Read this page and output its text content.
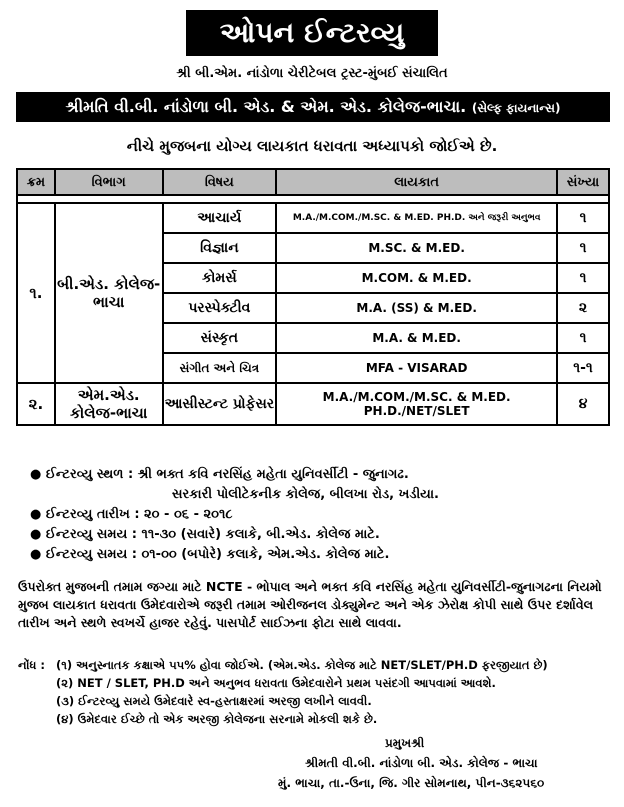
ઓપન ઈન્ટરવ્યુ
શ્રી બી.એમ. નાંડોળા ચેરીટેબલ ટ્રસ્ટ-મુંબઈ સંચાલિત
શ્રીમતિ વી.બી. નાંડોળા બી. એડ. & એમ. એડ. કોલેજ-ભાચા. (સેલ્ફ ફાયનાન્સ)
નીચે મુજબના યોગ્ય લાયકાત ધરાવતા અધ્યાપકો જોઈએ છે.
ક્રમ	વિભાગ	વિષય	લાયકાત	સંખ્યા

૧.	બી.એડ. કોલેજ-ભાચા	આચાર્ય	M.A./M.COM./M.SC. & M.ED. PH.D. અને જરૂરી અનુભવ	૧
		વિજ્ઞાન	M.SC. & M.ED.	૧
		કોમર્સ	M.COM. & M.ED.	૧
		પરસ્પેક્ટીવ	M.A. (SS) & M.ED.	૨
		સંસ્કૃત	M.A. & M.ED.	૧
		સંગીત અને ચિત્ર	MFA - VISARAD	૧-૧
૨.	એમ.એડ. કોલેજ-ભાચા	આસીસ્ટન્ટ પ્રોફેસર	M.A./M.COM./M.SC. & M.ED. PH.D./NET/SLET	૪
● ઈન્ટરવ્યુ સ્થળ : શ્રી ભક્ત કવિ નરસિંહ મહેતા યુનિવર્સીટી - જુનાગઢ.
સરકારી પોલીટેકનીક કોલેજ, બીલખા રોડ, ખડીયા.
● ઈન્ટરવ્યુ તારીખ : ૨૦ - ૦૬ - ૨૦૧૮
● ઈન્ટરવ્યુ સમય : ૧૧-૩૦ (સવારે) કલાકે, બી.એડ. કોલેજ માટે.
● ઈન્ટરવ્યુ સમય : ૦૧-૦૦ (બપોરે) કલાકે, એમ.એડ. કોલેજ માટે.
ઉપરોક્ત મુજબની તમામ જગ્યા માટે NCTE - ભોપાલ અને ભક્ત કવિ નરસિંહ મહેતા યુનિવર્સીટી-જુનાગઢના નિયમો મુજબ લાયકાત ધરાવતા ઉમેદવારોએ જરૂરી તમામ ઓરીજનલ ડોક્યુમેન્ટ અને એક ઝેરોક્ષ કોપી સાથે ઉપર દર્શાવેલ તારીખ અને સ્થળે સ્વખર્ચે હાજર રહેવું. પાસપોર્ટ સાઈઝના ફોટા સાથે લાવવા.
નોંધ : (૧) અનુસ્નાતક કક્ષાએ ૫૫% હોવા જોઈએ. (એમ.એડ. કોલેજ માટે NET/SLET/PH.D ફરજીયાત છે)
(૨) NET / SLET, PH.D અને અનુભવ ધરાવતા ઉમેદવારોને પ્રથમ પસંદગી આપવામાં આવશે.
(૩) ઈન્ટરવ્યુ સમયે ઉમેદવારે સ્વ-હસ્તાક્ષરમાં અરજી લખીને લાવવી.
(૪) ઉમેદવાર ઈચ્છે તો એક અરજી કોલેજના સરનામે મોકલી શકે છે.
પ્રમુખશ્રી
શ્રીમતી વી.બી. નાંડોળા બી. એડ. કોલેજ - ભાચા
મું. ભાચા, તા.-ઉના, જિ. ગીર સોમનાથ, પીન-૩૬૨૫૬૦
